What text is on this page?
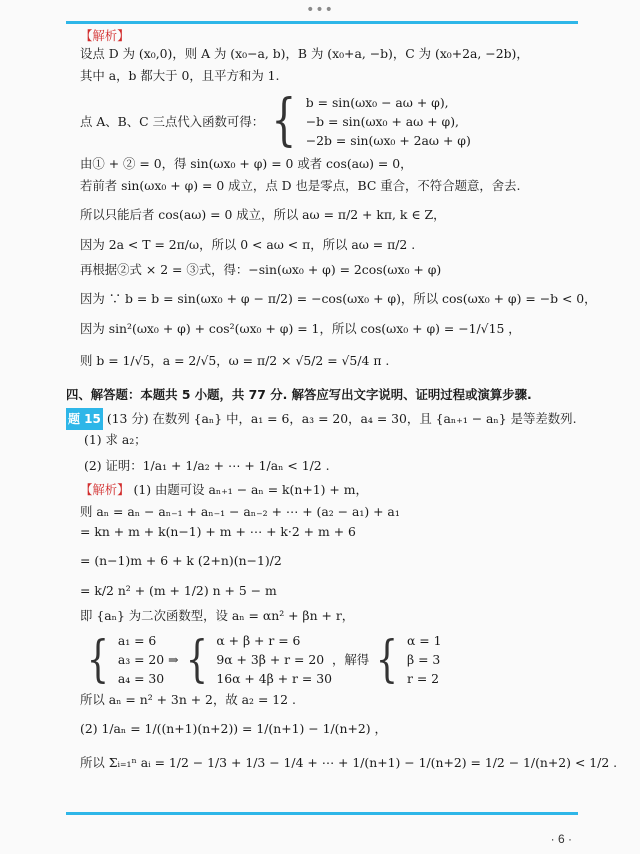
•••
【解析】
设点 D 为 (x₀,0)，则 A 为 (x₀−a, b)，B 为 (x₀+a, −b)，C 为 (x₀+2a, −2b)，
其中 a，b 都大于 0，且平方和为 1.
点 A、B、C 三点代入函数可得： { b = sin(ωx₀ − aω + φ),
−b = sin(ωx₀ + aω + φ),
−2b = sin(ωx₀ + 2aω + φ)
由① + ② = 0，得 sin(ωx₀ + φ) = 0 或者 cos(aω) = 0，
若前者 sin(ωx₀ + φ) = 0 成立，点 D 也是零点，BC 重合，不符合题意，舍去.
所以只能后者 cos(aω) = 0 成立，所以 aω = π/2 + kπ, k ∈ Z，
因为 2a < T = 2π/ω，所以 0 < aω < π，所以 aω = π/2 .
再根据②式 × 2 = ③式，得：−sin(ωx₀ + φ) = 2cos(ωx₀ + φ)
因为 ∵ b = b = sin(ωx₀ + φ − π/2) = −cos(ωx₀ + φ)，所以 cos(ωx₀ + φ) = −b < 0，
因为 sin²(ωx₀ + φ) + cos²(ωx₀ + φ) = 1，所以 cos(ωx₀ + φ) = −1/√15 ，
则 b = 1/√5，a = 2/√5，ω = π/2 × √5/2 = √5/4 π .
四、解答题：本题共 5 小题，共 77 分. 解答应写出文字说明、证明过程或演算步骤.
题 15 (13 分) 在数列 {aₙ} 中，a₁ = 6，a₃ = 20，a₄ = 30，且 {aₙ₊₁ − aₙ} 是等差数列.
(1) 求 a₂；
(2) 证明：1/a₁ + 1/a₂ + ⋯ + 1/aₙ < 1/2 .
【解析】 (1) 由题可设 aₙ₊₁ − aₙ = k(n+1) + m，
则 aₙ = aₙ − aₙ₋₁ + aₙ₋₁ − aₙ₋₂ + ⋯ + (a₂ − a₁) + a₁
= kn + m + k(n−1) + m + ⋯ + k·2 + m + 6
= (n−1)m + 6 + k (2+n)(n−1)/2
= k/2 n² + (m + 1/2) n + 5 − m
即 {aₙ} 为二次函数型，设 aₙ = αn² + βn + r，
{ a₁ = 6
a₃ = 20 ⇒
a₄ = 30 { α + β + r = 6
9α + 3β + r = 20
16α + 4β + r = 30
，解得 { α = 1
β = 3
r = 2
所以 aₙ = n² + 3n + 2，故 a₂ = 12 .
(2) 1/aₙ = 1/((n+1)(n+2)) = 1/(n+1) − 1/(n+2) ，
所以 Σᵢ₌₁ⁿ aᵢ = 1/2 − 1/3 + 1/3 − 1/4 + ⋯ + 1/(n+1) − 1/(n+2) = 1/2 − 1/(n+2) < 1/2 .
· 6 ·
